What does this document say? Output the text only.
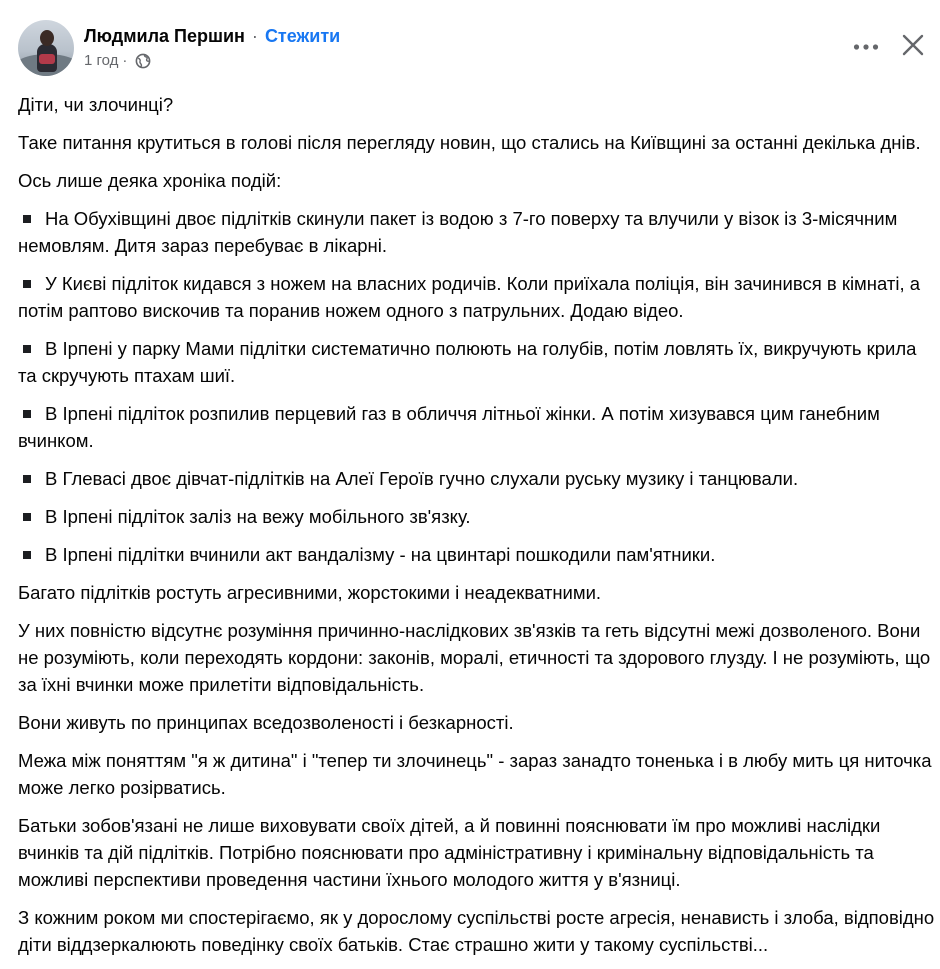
Людмила Першин · Стежити
1 год ·

Діти, чи злочинці?

Таке питання крутиться в голові після перегляду новин, що стались на Київщині за останні декілька днів.

Ось лише деяка хроніка подій:

На Обухівщині двоє підлітків скинули пакет із водою з 7-го поверху та влучили у візок із 3-місячним немовлям. Дитя зараз перебуває в лікарні.

У Києві підліток кидався з ножем на власних родичів. Коли приїхала поліція, він зачинився в кімнаті, а потім раптово вискочив та поранив ножем одного з патрульних. Додаю відео.

В Ірпені у парку Мами підлітки систематично полюють на голубів, потім ловлять їх, викручують крила та скручують птахам шиї.

В Ірпені підліток розпилив перцевий газ в обличчя літньої жінки. А потім хизувався цим ганебним вчинком.

В Глевасі двоє дівчат-підлітків на Алеї Героїв гучно слухали руську музику і танцювали.

В Ірпені підліток заліз на вежу мобільного зв'язку.

В Ірпені підлітки вчинили акт вандалізму - на цвинтарі пошкодили пам'ятники.

Багато підлітків ростуть агресивними, жорстокими і неадекватними.

У них повністю відсутнє розуміння причинно-наслідкових зв'язків та геть відсутні межі дозволеного. Вони не розуміють, коли переходять кордони: законів, моралі, етичності та здорового глузду. І не розуміють, що за їхні вчинки може прилетіти відповідальність.

Вони живуть по принципах вседозволеності і безкарності.

Межа між поняттям "я ж дитина" і "тепер ти злочинець" - зараз занадто тоненька і в любу мить ця ниточка може легко розірватись.

Батьки зобов'язані не лише виховувати своїх дітей, а й повинні пояснювати їм про можливі наслідки вчинків та дій підлітків. Потрібно пояснювати про адміністративну і кримінальну відповідальність та можливі перспективи проведення частини їхнього молодого життя у в'язниці.

З кожним роком ми спостерігаємо, як у дорослому суспільстві росте агресія, ненависть і злоба, відповідно діти віддзеркалюють поведінку своїх батьків. Стає страшно жити у такому суспільстві...
